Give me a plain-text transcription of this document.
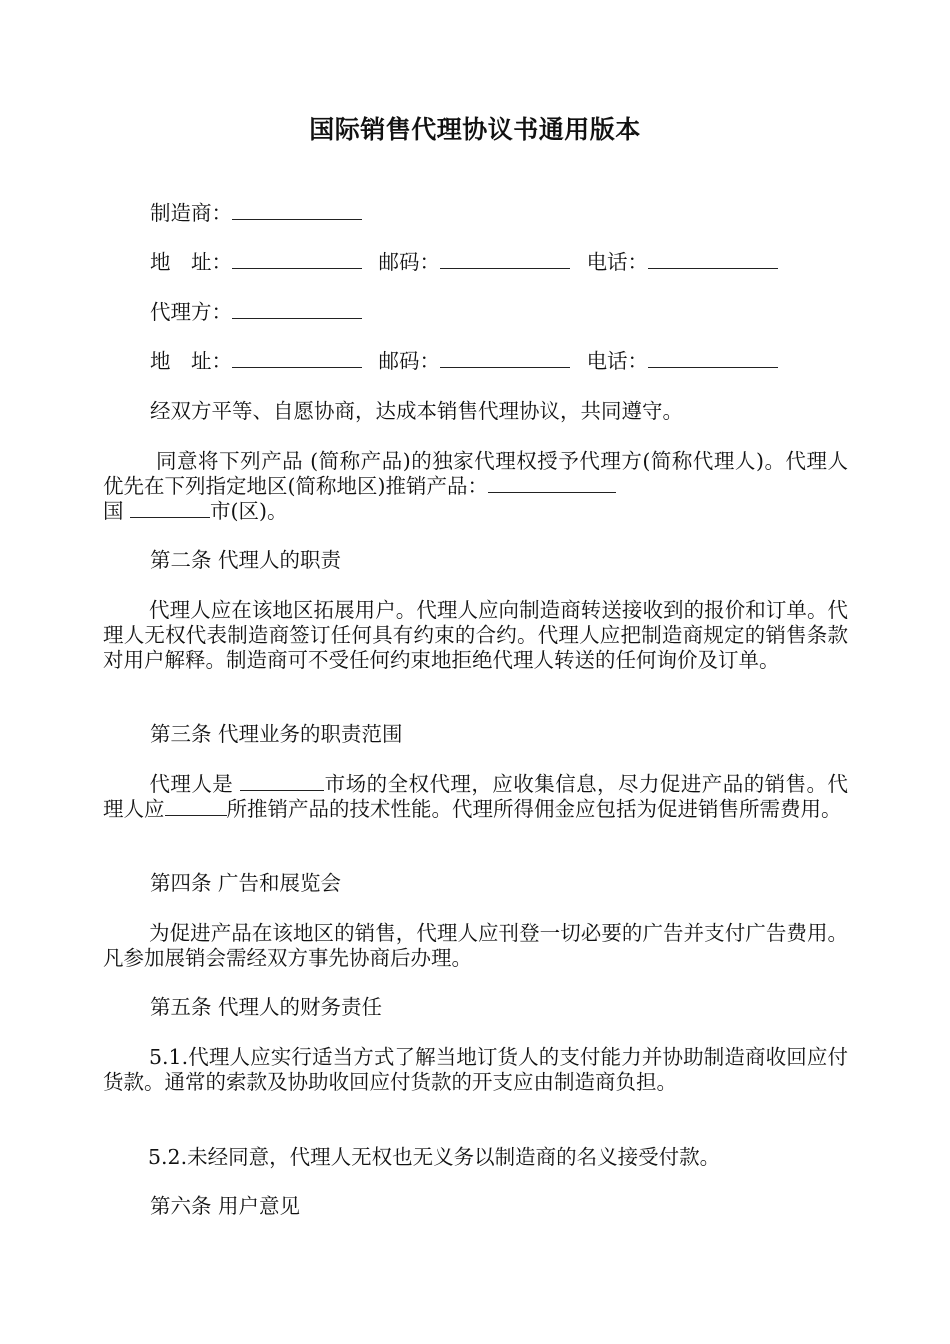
国际销售代理协议书通用版本
制造商：
地　址：	邮码：	电话：
代理方：
地　址：	邮码：	电话：
经双方平等、自愿协商，达成本销售代理协议，共同遵守。
同意将下列产品 (简称产品)的独家代理权授予代理方(简称代理人)。代理人优先在下列指定地区(简称地区)推销产品：
国	市(区)。
第二条 代理人的职责
代理人应在该地区拓展用户。代理人应向制造商转送接收到的报价和订单。代理人无权代表制造商签订任何具有约束的合约。代理人应把制造商规定的销售条款对用户解释。制造商可不受任何约束地拒绝代理人转送的任何询价及订单。
第三条 代理业务的职责范围
代理人是	市场的全权代理，应收集信息，尽力促进产品的销售。代理人应	所推销产品的技术性能。代理所得佣金应包括为促进销售所需费用。
第四条 广告和展览会
为促进产品在该地区的销售，代理人应刊登一切必要的广告并支付广告费用。凡参加展销会需经双方事先协商后办理。
第五条 代理人的财务责任
5.1.代理人应实行适当方式了解当地订货人的支付能力并协助制造商收回应付货款。通常的索款及协助收回应付货款的开支应由制造商负担。
5.2.未经同意，代理人无权也无义务以制造商的名义接受付款。
第六条 用户意见
